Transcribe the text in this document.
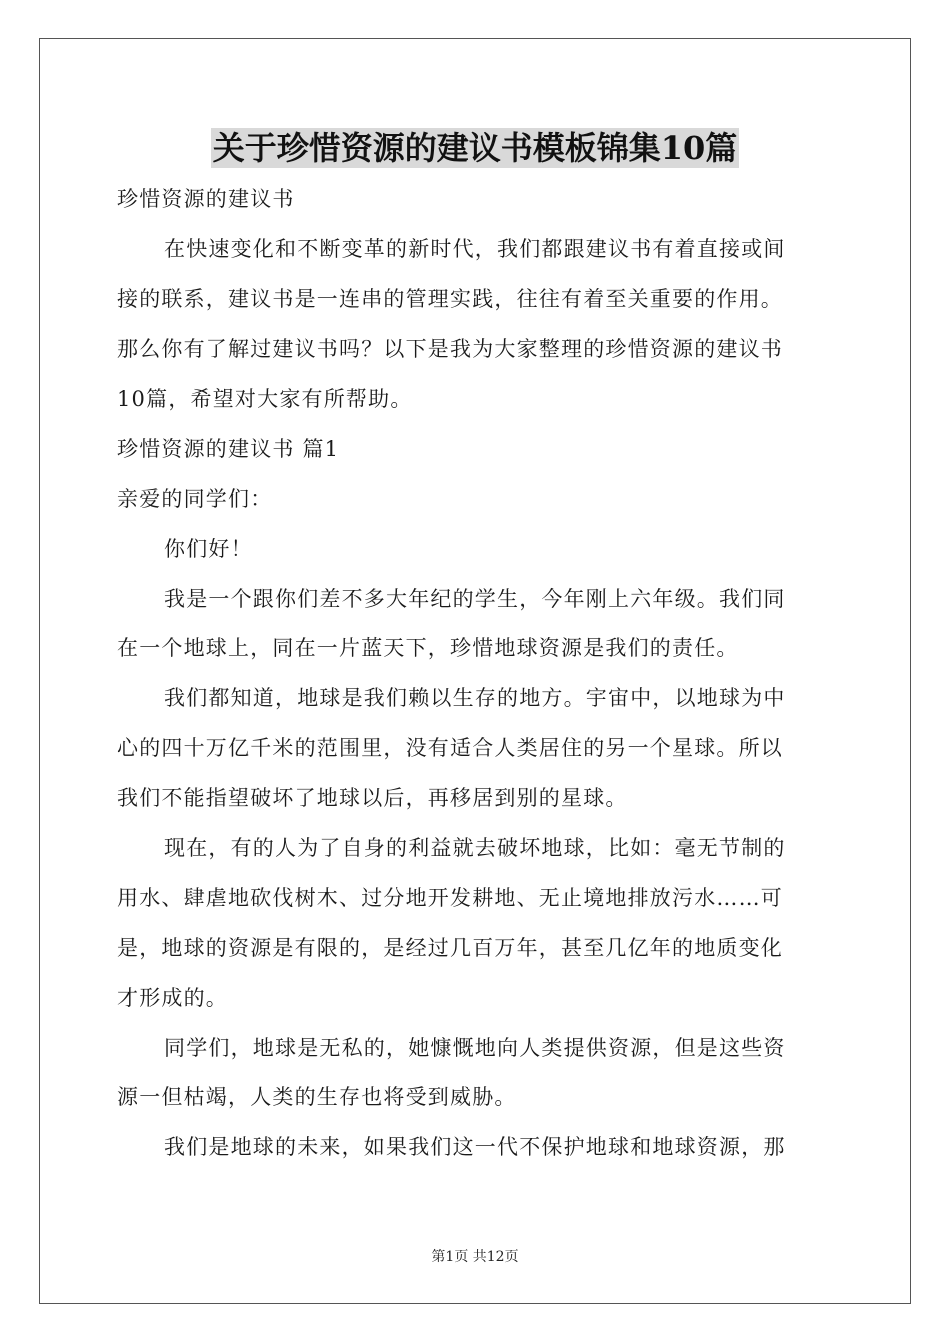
关于珍惜资源的建议书模板锦集10篇
珍惜资源的建议书
在快速变化和不断变革的新时代，我们都跟建议书有着直接或间
接的联系，建议书是一连串的管理实践，往往有着至关重要的作用。
那么你有了解过建议书吗？以下是我为大家整理的珍惜资源的建议书
10篇，希望对大家有所帮助。
珍惜资源的建议书 篇1
亲爱的同学们：
你们好！
我是一个跟你们差不多大年纪的学生，今年刚上六年级。我们同
在一个地球上，同在一片蓝天下，珍惜地球资源是我们的责任。
我们都知道，地球是我们赖以生存的地方。宇宙中，以地球为中
心的四十万亿千米的范围里，没有适合人类居住的另一个星球。所以
我们不能指望破坏了地球以后，再移居到别的星球。
现在，有的人为了自身的利益就去破坏地球，比如：毫无节制的
用水、肆虐地砍伐树木、过分地开发耕地、无止境地排放污水……可
是，地球的资源是有限的，是经过几百万年，甚至几亿年的地质变化
才形成的。
同学们，地球是无私的，她慷慨地向人类提供资源，但是这些资
源一但枯竭，人类的生存也将受到威胁。
我们是地球的未来，如果我们这一代不保护地球和地球资源，那
第1页 共12页
